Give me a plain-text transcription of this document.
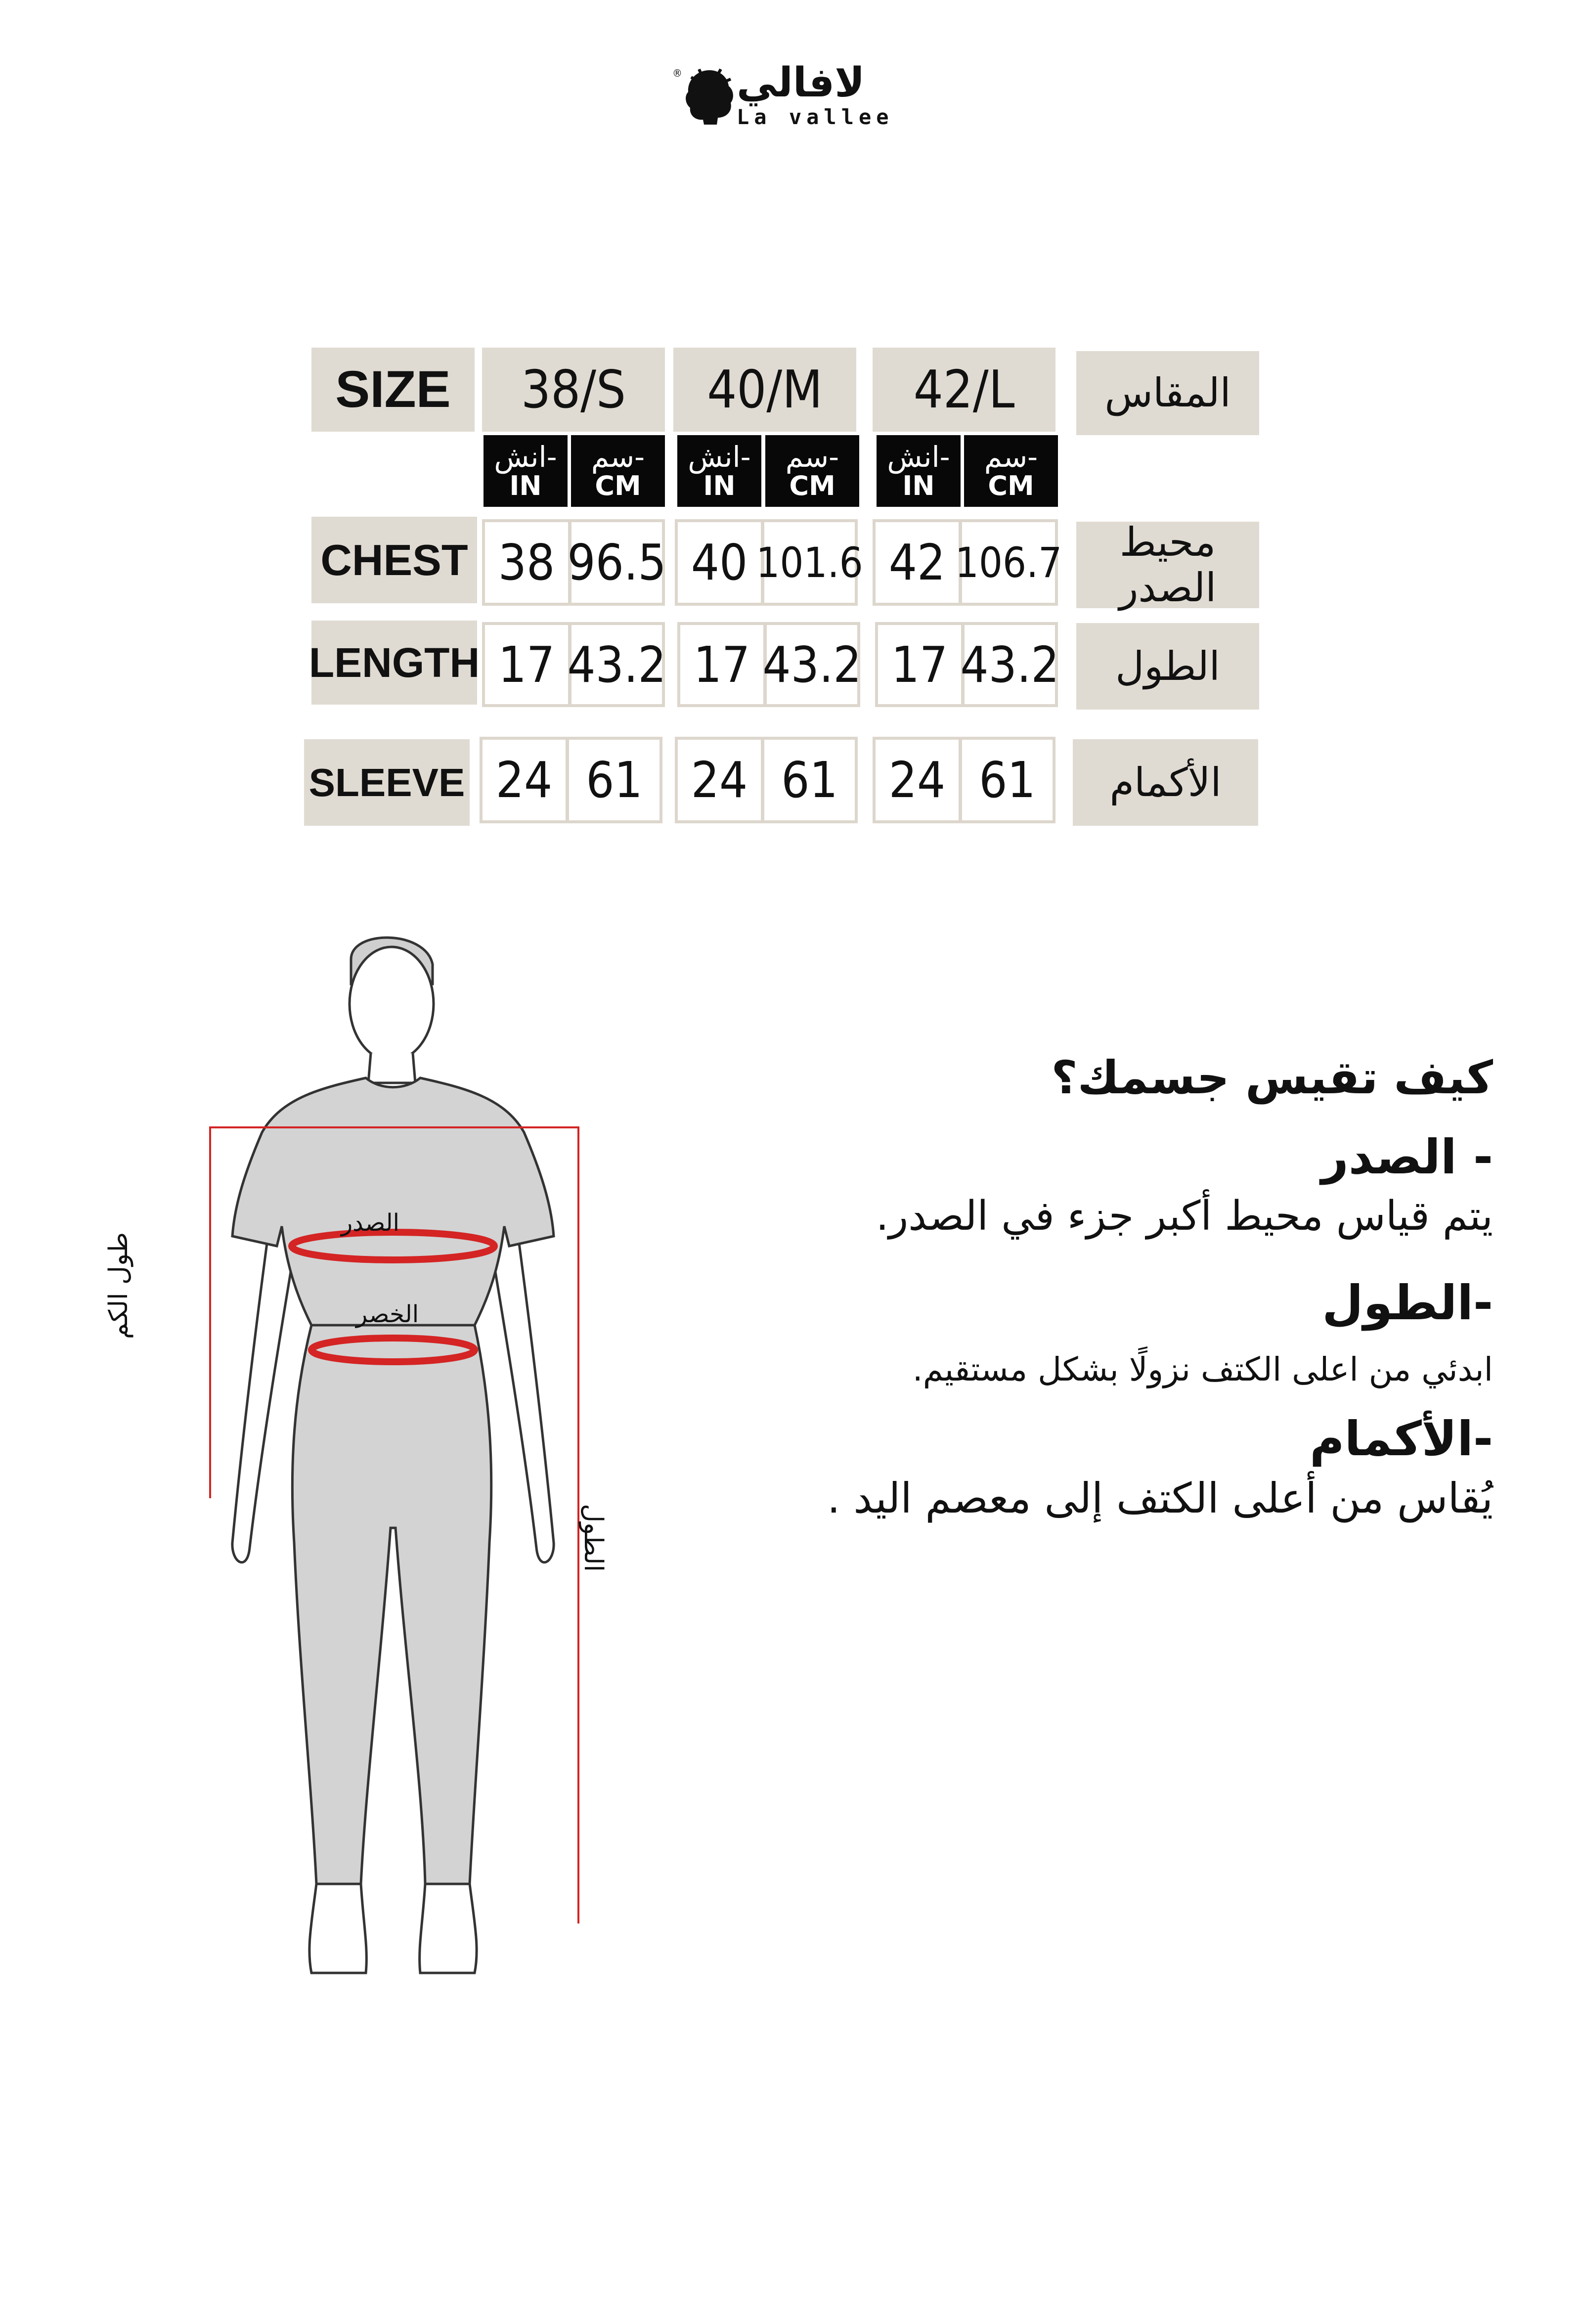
® لافالي
La vallee
SIZE 38/S 40/M 42/L المقاس
انش-
IN
سم-
CM
انش-
IN
سم-
CM
انش-
IN
سم-
CM
CHEST 38 96.5 40 101.6 42 106.7 محيط الصدر
LENGTH 17 43.2 17 43.2 17 43.2 الطول
SLEEVE 24 61 24 61 24 61 الأكمام
الصدر
الخصر
طول الكم
الطول
كيف تقيس جسمك؟
- الصدر
يتم قياس محيط أكبر جزء في الصدر.
-الطول
ابدئي من اعلى الكتف نزولًا بشكل مستقيم.
-الأكمام
يُقاس من أعلى الكتف إلى معصم اليد .
